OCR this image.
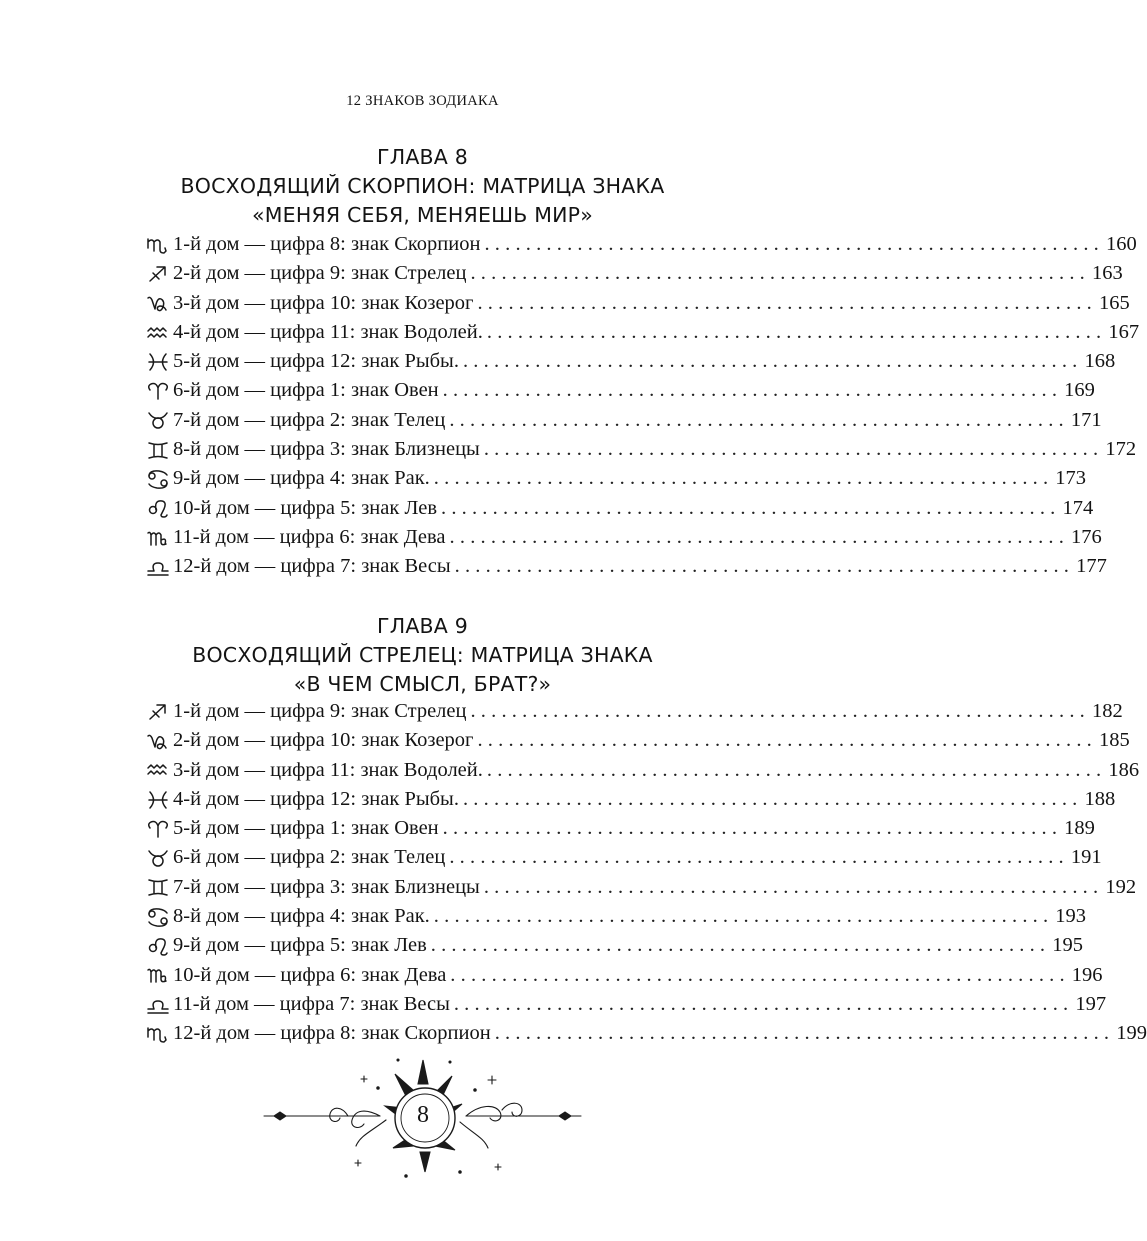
12 ЗНАКОВ ЗОДИАКА
ГЛАВА 8
ВОСХОДЯЩИЙ СКОРПИОН: МАТРИЦА ЗНАКА
«МЕНЯЯ СЕБЯ, МЕНЯЕШЬ МИР»
1-й дом — цифра 8: знак Скорпион ............................................................ 160
2-й дом — цифра 9: знак Стрелец ............................................................ 163
3-й дом — цифра 10: знак Козерог ............................................................ 165
4-й дом — цифра 11: знак Водолей. ............................................................ 167
5-й дом — цифра 12: знак Рыбы. ............................................................ 168
6-й дом — цифра 1: знак Овен ............................................................ 169
7-й дом — цифра 2: знак Телец ............................................................ 171
8-й дом — цифра 3: знак Близнецы ............................................................ 172
9-й дом — цифра 4: знак Рак. ............................................................ 173
10-й дом — цифра 5: знак Лев ............................................................ 174
11-й дом — цифра 6: знак Дева ............................................................ 176
12-й дом — цифра 7: знак Весы ............................................................ 177
ГЛАВА 9
ВОСХОДЯЩИЙ СТРЕЛЕЦ: МАТРИЦА ЗНАКА
«В ЧЕМ СМЫСЛ, БРАТ?»
1-й дом — цифра 9: знак Стрелец ............................................................ 182
2-й дом — цифра 10: знак Козерог ............................................................ 185
3-й дом — цифра 11: знак Водолей. ............................................................ 186
4-й дом — цифра 12: знак Рыбы. ............................................................ 188
5-й дом — цифра 1: знак Овен ............................................................ 189
6-й дом — цифра 2: знак Телец ............................................................ 191
7-й дом — цифра 3: знак Близнецы ............................................................ 192
8-й дом — цифра 4: знак Рак. ............................................................ 193
9-й дом — цифра 5: знак Лев ............................................................ 195
10-й дом — цифра 6: знак Дева ............................................................ 196
11-й дом — цифра 7: знак Весы ............................................................ 197
12-й дом — цифра 8: знак Скорпион ............................................................ 199
8
